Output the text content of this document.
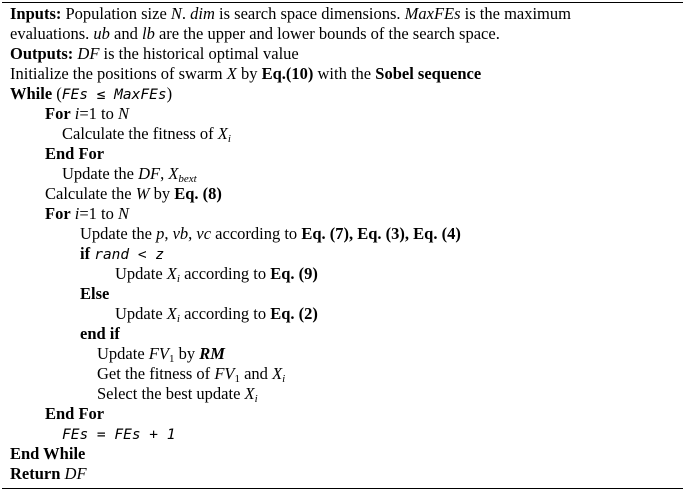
Inputs: Population size N. dim is search space dimensions. MaxFEs is the maximum
evaluations. ub and lb are the upper and lower bounds of the search space.
Outputs: DF is the historical optimal value
Initialize the positions of swarm X by Eq.(10) with the Sobel sequence
While (FEs ≤ MaxFEs)
For i=1 to N
Calculate the fitness of $X_i$
End For
Update the DF, $X_{bext}$
Calculate the W by Eq. (8)
For i=1 to N
Update the p, vb, vc according to Eq. (7), Eq. (3), Eq. (4)
if rand < z
Update $X_i$ according to Eq. (9)
Else
Update $X_i$ according to Eq. (2)
end if
Update $FV_1$ by RM
Get the fitness of $FV_1$ and $X_i$
Select the best update $X_i$
End For
FEs = FEs + 1
End While
Return DF
